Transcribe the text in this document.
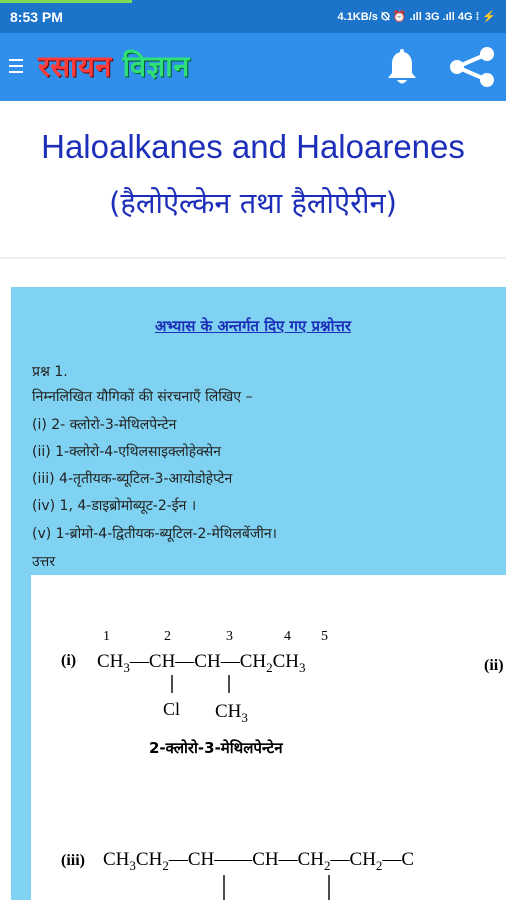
8:53 PM	4.1KB/s ⦰ ⏰ .ıll 3G .ıll 4G ⁞ ⚡
रसायन विज्ञान
Haloalkanes and Haloarenes
(हैलोऐल्केन तथा हैलोऐरीन)
अभ्यास के अन्तर्गत दिए गए प्रश्नोत्तर
प्रश्न 1.
निम्नलिखित यौगिकों की संरचनाएँ लिखिए –
(i) 2- क्लोरो-3-मेथिलपेन्टेन
(ii) 1-क्लोरो-4-एथिलसाइक्लोहेक्सेन
(iii) 4-तृतीयक-ब्यूटिल-3-आयोडोहेप्टेन
(iv) 1, 4-डाइब्रोमोब्यूट-2-ईन ।
(v) 1-ब्रोमो-4-द्वितीयक-ब्यूटिल-2-मेथिलबेंजीन।
उत्तर
(i)
1	2	3	4 5
$CH_3—CH—CH—CH_2CH_3$
Cl $CH_3$
2-क्लोरो-3-मेथिलपेन्टेन
(ii)
(iii) $CH_3CH_2—CH——CH—CH_2—CH_2—C$
